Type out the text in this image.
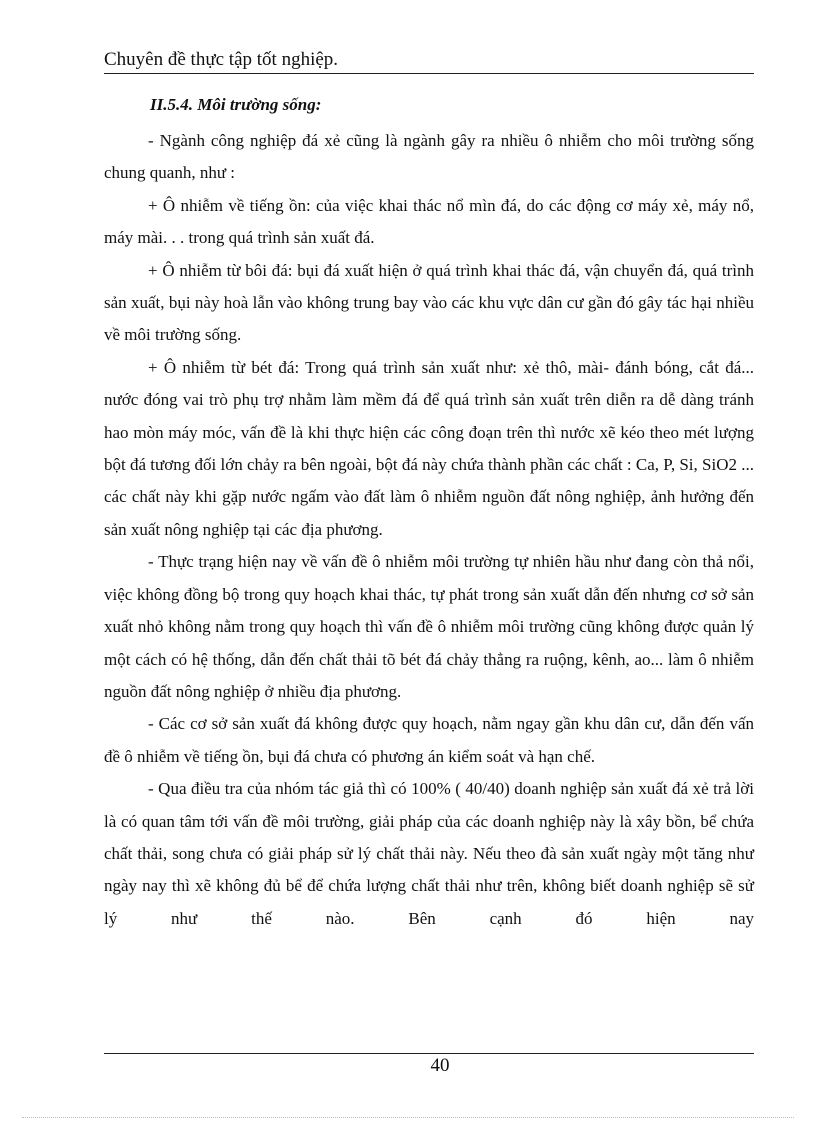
Chuyên đề thực tập tốt nghiệp.
II.5.4. Môi trường sống:

- Ngành công nghiệp đá xẻ cũng là ngành gây ra nhiều ô nhiễm cho môi trường sống chung quanh, như :

+ Ô nhiễm về tiếng ồn: của việc khai thác nổ mìn đá, do các động cơ máy xẻ, máy nổ, máy mài. . . trong quá trình sản xuất đá.

+ Ô nhiễm từ bôi đá: bụi đá xuất hiện ở quá trình khai thác đá, vận chuyển đá, quá trình sản xuất, bụi này hoà lẫn vào không trung bay vào các khu vực dân cư gần đó gây tác hại nhiều về môi trường sống.

+ Ô nhiễm từ bét đá: Trong quá trình sản xuất như: xẻ thô, mài- đánh bóng, cắt đá... nước đóng vai trò phụ trợ nhằm làm mềm đá để quá trình sản xuất trên diễn ra dễ dàng tránh hao mòn máy móc, vấn đề là khi thực hiện các công đoạn trên thì nước xẽ kéo theo mét lượng bột đá tương đối lớn chảy ra bên ngoài, bột đá này chứa thành phần các chất : Ca, P, Si, SiO2 ... các chất này khi gặp nước ngấm vào đất làm ô nhiễm nguồn đất nông nghiệp, ảnh hưởng đến sản xuất nông nghiệp tại các địa phương.

- Thực trạng hiện nay về vấn đề ô nhiễm môi trường tự nhiên hầu như đang còn thả nổi, việc không đồng bộ trong quy hoạch khai thác, tự phát trong sản xuất dẫn đến nhưng cơ sở sản xuất nhỏ không nằm trong quy hoạch thì vấn đề ô nhiễm môi trường cũng không được quản lý một cách có hệ thống, dẫn đến chất thải tõ bét đá chảy thẳng ra ruộng, kênh, ao... làm ô nhiễm nguồn đất nông nghiệp ở nhiều địa phương.

- Các cơ sở sản xuất đá không được quy hoạch, nằm ngay gần khu dân cư, dẫn đến vấn đề ô nhiễm về tiếng ồn, bụi đá chưa có phương án kiểm soát và hạn chế.

- Qua điều tra của nhóm tác giả thì có 100% ( 40/40) doanh nghiệp sản xuất đá xẻ trả lời là có quan tâm tới vấn đề môi trường, giải pháp của các doanh nghiệp này là xây bồn, bể chứa chất thải, song chưa có giải pháp sử lý chất thải này. Nếu theo đà sản xuất ngày một tăng như ngày nay thì xẽ không đủ bể để chứa lượng chất thải như trên, không biết doanh nghiệp sẽ sử lý như thế nào. Bên cạnh đó hiện nay

40
